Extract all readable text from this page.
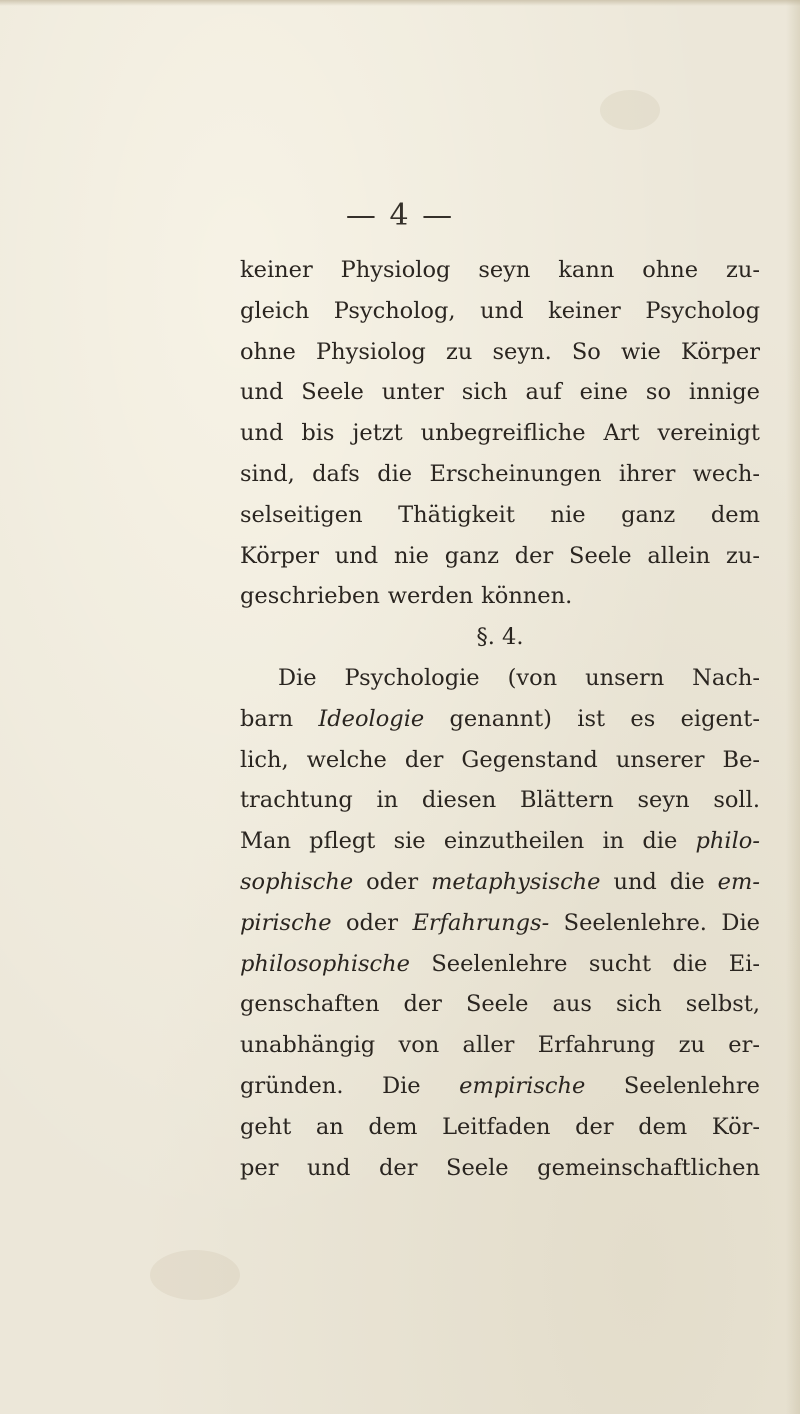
— 4 —
keiner Physiolog seyn kann ohne zu-
gleich Psycholog, und keiner Psycholog
ohne Physiolog zu seyn. So wie Körper
und Seele unter sich auf eine so innige
und bis jetzt unbegreifliche Art vereinigt
sind, dafs die Erscheinungen ihrer wech-
selseitigen Thätigkeit nie ganz dem
Körper und nie ganz der Seele allein zu-
geschrieben werden können.
§. 4.
Die Psychologie (von unsern Nach-
barn Ideologie genannt) ist es eigent-
lich, welche der Gegenstand unserer Be-
trachtung in diesen Blättern seyn soll.
Man pflegt sie einzutheilen in die philo-
sophische oder metaphysische und die em-
pirische oder Erfahrungs- Seelenlehre. Die
philosophische Seelenlehre sucht die Ei-
genschaften der Seele aus sich selbst,
unabhängig von aller Erfahrung zu er-
gründen. Die empirische Seelenlehre
geht an dem Leitfaden der dem Kör-
per und der Seele gemeinschaftlichen
